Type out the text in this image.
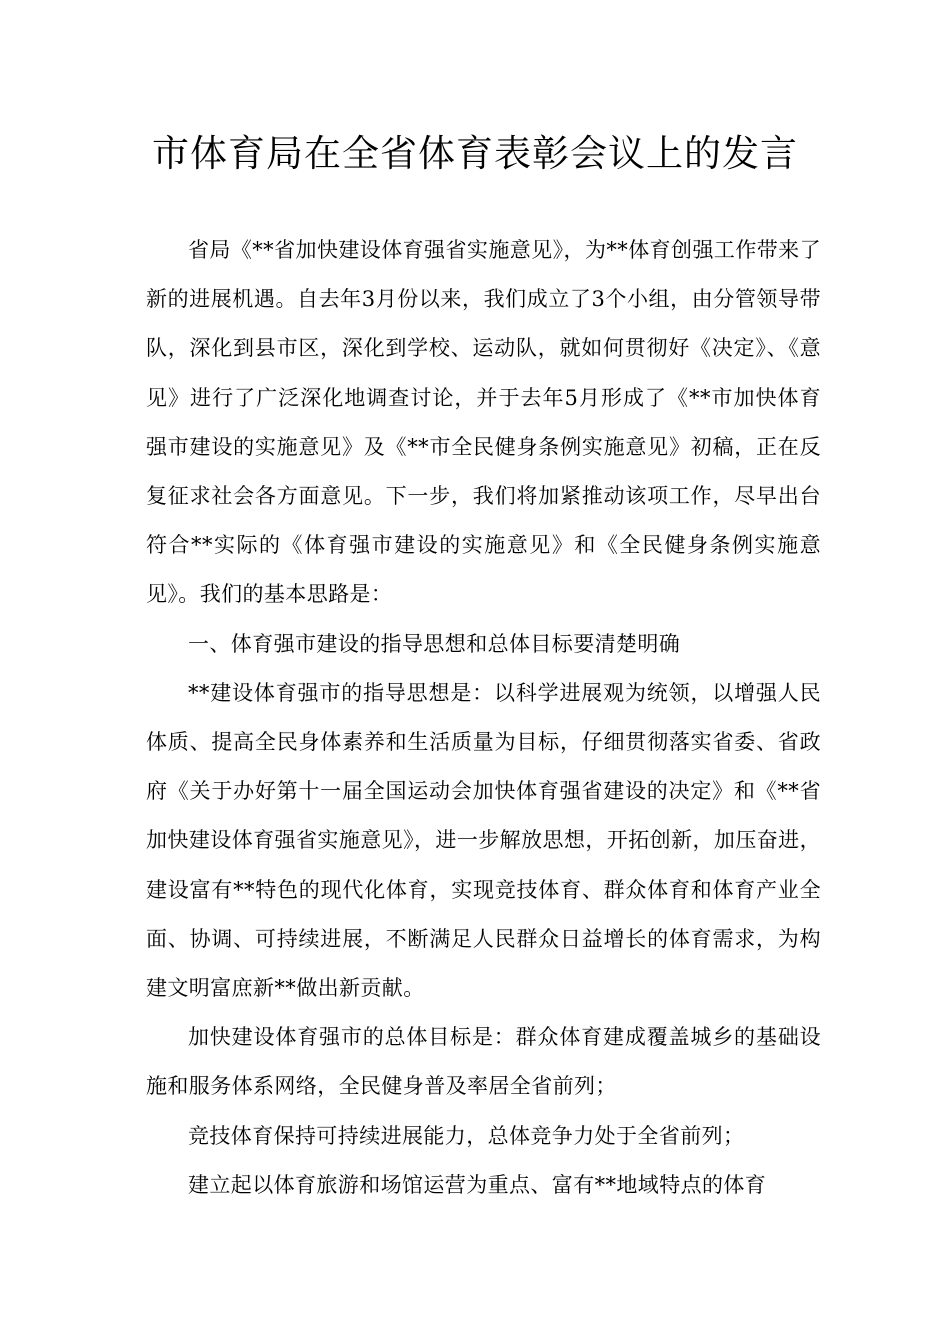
市体育局在全省体育表彰会议上的发言

省局《**省加快建设体育强省实施意见》，为**体育创强工作带来了新的进展机遇。自去年3月份以来，我们成立了3个小组，由分管领导带队，深化到县市区，深化到学校、运动队，就如何贯彻好《决定》、《意见》进行了广泛深化地调查讨论，并于去年5月形成了《**市加快体育强市建设的实施意见》及《**市全民健身条例实施意见》初稿，正在反复征求社会各方面意见。下一步，我们将加紧推动该项工作，尽早出台符合**实际的《体育强市建设的实施意见》和《全民健身条例实施意见》。我们的基本思路是：

一、体育强市建设的指导思想和总体目标要清楚明确

**建设体育强市的指导思想是：以科学进展观为统领，以增强人民体质、提高全民身体素养和生活质量为目标，仔细贯彻落实省委、省政府《关于办好第十一届全国运动会加快体育强省建设的决定》和《**省加快建设体育强省实施意见》，进一步解放思想，开拓创新，加压奋进，建设富有**特色的现代化体育，实现竞技体育、群众体育和体育产业全面、协调、可持续进展，不断满足人民群众日益增长的体育需求，为构建文明富庶新**做出新贡献。

加快建设体育强市的总体目标是：群众体育建成覆盖城乡的基础设施和服务体系网络，全民健身普及率居全省前列；

竞技体育保持可持续进展能力，总体竞争力处于全省前列；

建立起以体育旅游和场馆运营为重点、富有**地域特点的体育
